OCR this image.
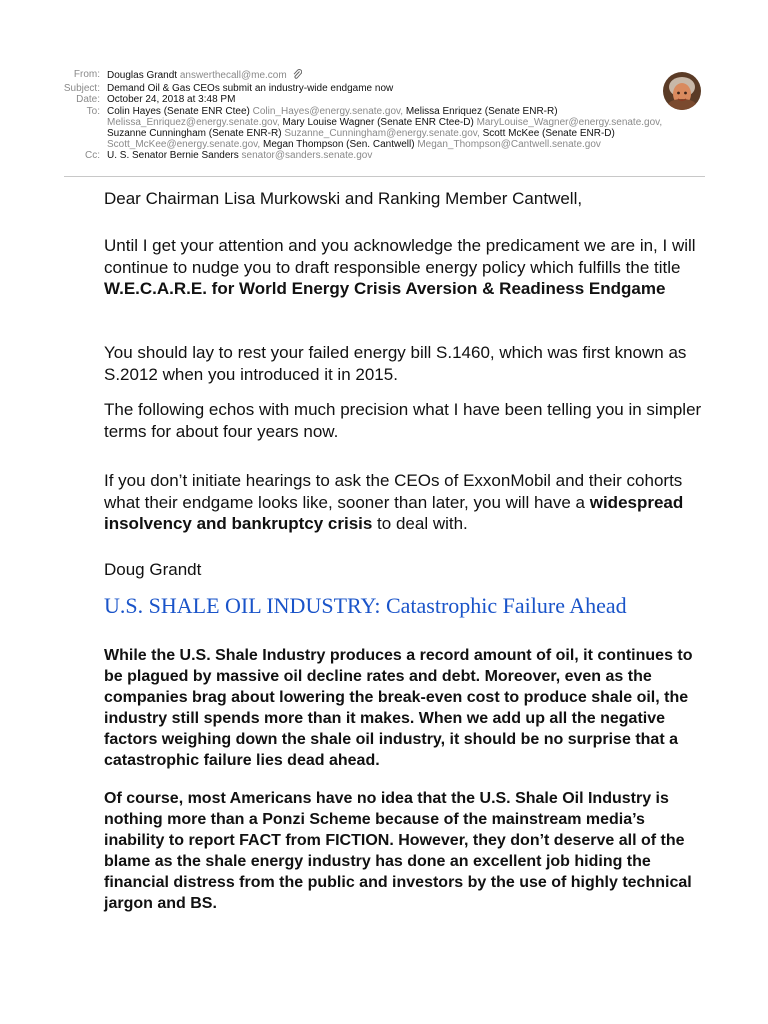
From: Douglas Grandt answerthecall@me.com
Subject: Demand Oil & Gas CEOs submit an industry-wide endgame now
Date: October 24, 2018 at 3:48 PM
To: Colin Hayes (Senate ENR Ctee) Colin_Hayes@energy.senate.gov, Melissa Enriquez (Senate ENR-R)
Melissa_Enriquez@energy.senate.gov, Mary Louise Wagner (Senate ENR Ctee-D) MaryLouise_Wagner@energy.senate.gov,
Suzanne Cunningham (Senate ENR-R) Suzanne_Cunningham@energy.senate.gov, Scott McKee (Senate ENR-D)
Scott_McKee@energy.senate.gov, Megan Thompson (Sen. Cantwell) Megan_Thompson@Cantwell.senate.gov
Cc: U. S. Senator Bernie Sanders senator@sanders.senate.gov
Dear Chairman Lisa Murkowski and Ranking Member Cantwell,
Until I get your attention and you acknowledge the predicament we are in, I will continue to nudge you to draft responsible energy policy which fulfills the title W.E.C.A.R.E. for World Energy Crisis Aversion & Readiness Endgame
You should lay to rest your failed energy bill S.1460, which was first known as S.2012 when you introduced it in 2015.
The following echos with much precision what I have been telling you in simpler terms for about four years now.
If you don’t initiate hearings to ask the CEOs of ExxonMobil and their cohorts what their endgame looks like, sooner than later, you will have a widespread insolvency and bankruptcy crisis to deal with.
Doug Grandt
U.S. SHALE OIL INDUSTRY: Catastrophic Failure Ahead
While the U.S. Shale Industry produces a record amount of oil, it continues to be plagued by massive oil decline rates and debt. Moreover, even as the companies brag about lowering the break-even cost to produce shale oil, the industry still spends more than it makes. When we add up all the negative factors weighing down the shale oil industry, it should be no surprise that a catastrophic failure lies dead ahead.
Of course, most Americans have no idea that the U.S. Shale Oil Industry is nothing more than a Ponzi Scheme because of the mainstream media’s inability to report FACT from FICTION. However, they don’t deserve all of the blame as the shale energy industry has done an excellent job hiding the financial distress from the public and investors by the use of highly technical jargon and BS.
